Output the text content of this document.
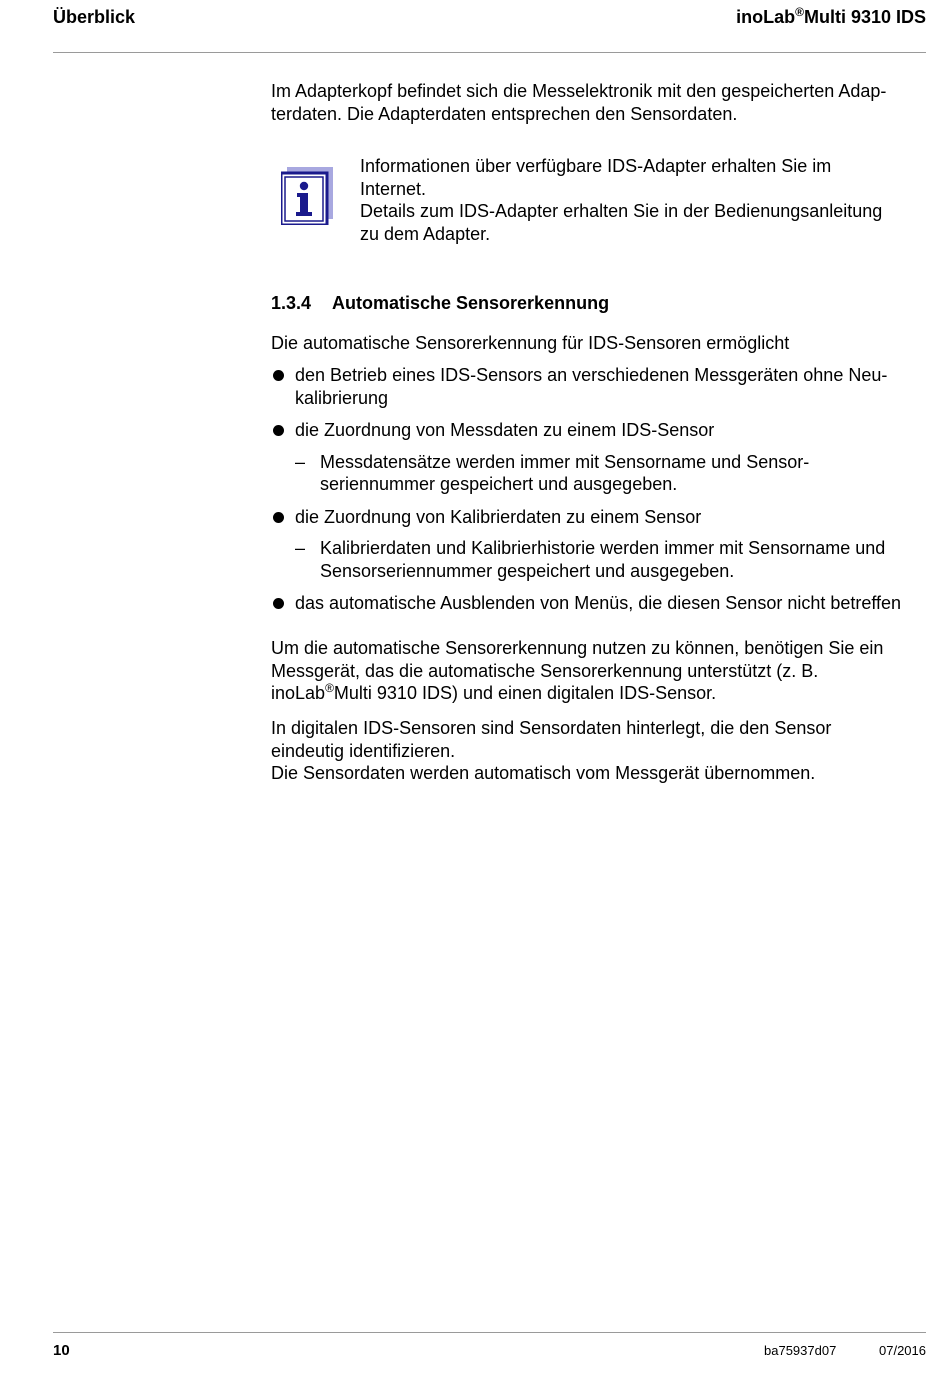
Überblick	inoLab®Multi 9310 IDS

Im Adapterkopf befindet sich die Messelektronik mit den gespeicherten Adap-

terdaten. Die Adapterdaten entsprechen den Sensordaten.

Informationen über verfügbare IDS-Adapter erhalten Sie im

Internet.

Details zum IDS-Adapter erhalten Sie in der Bedienungsanleitung

zu dem Adapter.

1.3.4 Automatische Sensorerkennung
Die automatische Sensorerkennung für IDS-Sensoren ermöglicht

den Betrieb eines IDS-Sensors an verschiedenen Messgeräten ohne Neu-

kalibrierung

die Zuordnung von Messdaten zu einem IDS-Sensor

– Messdatensätze werden immer mit Sensorname und Sensor-

seriennummer gespeichert und ausgegeben.

die Zuordnung von Kalibrierdaten zu einem Sensor

– Kalibrierdaten und Kalibrierhistorie werden immer mit Sensorname und

Sensorseriennummer gespeichert und ausgegeben.

das automatische Ausblenden von Menüs, die diesen Sensor nicht betreffen

Um die automatische Sensorerkennung nutzen zu können, benötigen Sie ein

Messgerät, das die automatische Sensorerkennung unterstützt (z. B.

inoLab®Multi 9310 IDS) und einen digitalen IDS-Sensor.

In digitalen IDS-Sensoren sind Sensordaten hinterlegt, die den Sensor

eindeutig identifizieren.

Die Sensordaten werden automatisch vom Messgerät übernommen.

10	ba75937d07	07/2016
